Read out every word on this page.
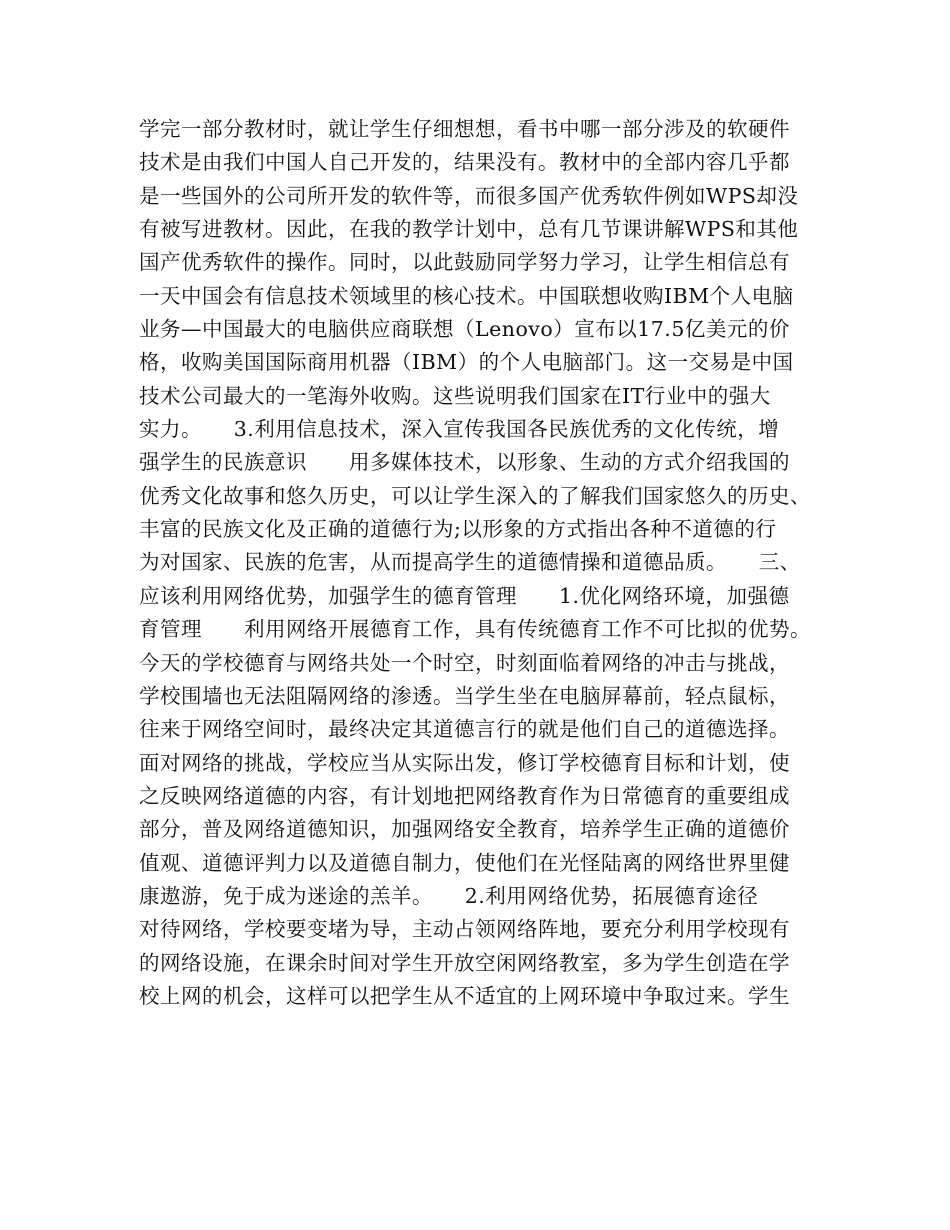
学完一部分教材时，就让学生仔细想想，看书中哪一部分涉及的软硬件
技术是由我们中国人自己开发的，结果没有。教材中的全部内容几乎都
是一些国外的公司所开发的软件等，而很多国产优秀软件例如WPS却没
有被写进教材。因此，在我的教学计划中，总有几节课讲解WPS和其他
国产优秀软件的操作。同时，以此鼓励同学努力学习，让学生相信总有
一天中国会有信息技术领域里的核心技术。中国联想收购IBM个人电脑
业务—中国最大的电脑供应商联想（Lenovo）宣布以17.5亿美元的价
格，收购美国国际商用机器（IBM）的个人电脑部门。这一交易是中国
技术公司最大的一笔海外收购。这些说明我们国家在IT行业中的强大
实力。　　3.利用信息技术，深入宣传我国各民族优秀的文化传统，增
强学生的民族意识　　用多媒体技术，以形象、生动的方式介绍我国的
优秀文化故事和悠久历史，可以让学生深入的了解我们国家悠久的历史、
丰富的民族文化及正确的道德行为;以形象的方式指出各种不道德的行
为对国家、民族的危害，从而提高学生的道德情操和道德品质。　　三、
应该利用网络优势，加强学生的德育管理　　1.优化网络环境，加强德
育管理　　利用网络开展德育工作，具有传统德育工作不可比拟的优势。
今天的学校德育与网络共处一个时空，时刻面临着网络的冲击与挑战，
学校围墙也无法阻隔网络的渗透。当学生坐在电脑屏幕前，轻点鼠标，
往来于网络空间时，最终决定其道德言行的就是他们自己的道德选择。
面对网络的挑战，学校应当从实际出发，修订学校德育目标和计划，使
之反映网络道德的内容，有计划地把网络教育作为日常德育的重要组成
部分，普及网络道德知识，加强网络安全教育，培养学生正确的道德价
值观、道德评判力以及道德自制力，使他们在光怪陆离的网络世界里健
康遨游，免于成为迷途的羔羊。　　2.利用网络优势，拓展德育途径
对待网络，学校要变堵为导，主动占领网络阵地，要充分利用学校现有
的网络设施，在课余时间对学生开放空闲网络教室，多为学生创造在学
校上网的机会，这样可以把学生从不适宜的上网环境中争取过来。学生
